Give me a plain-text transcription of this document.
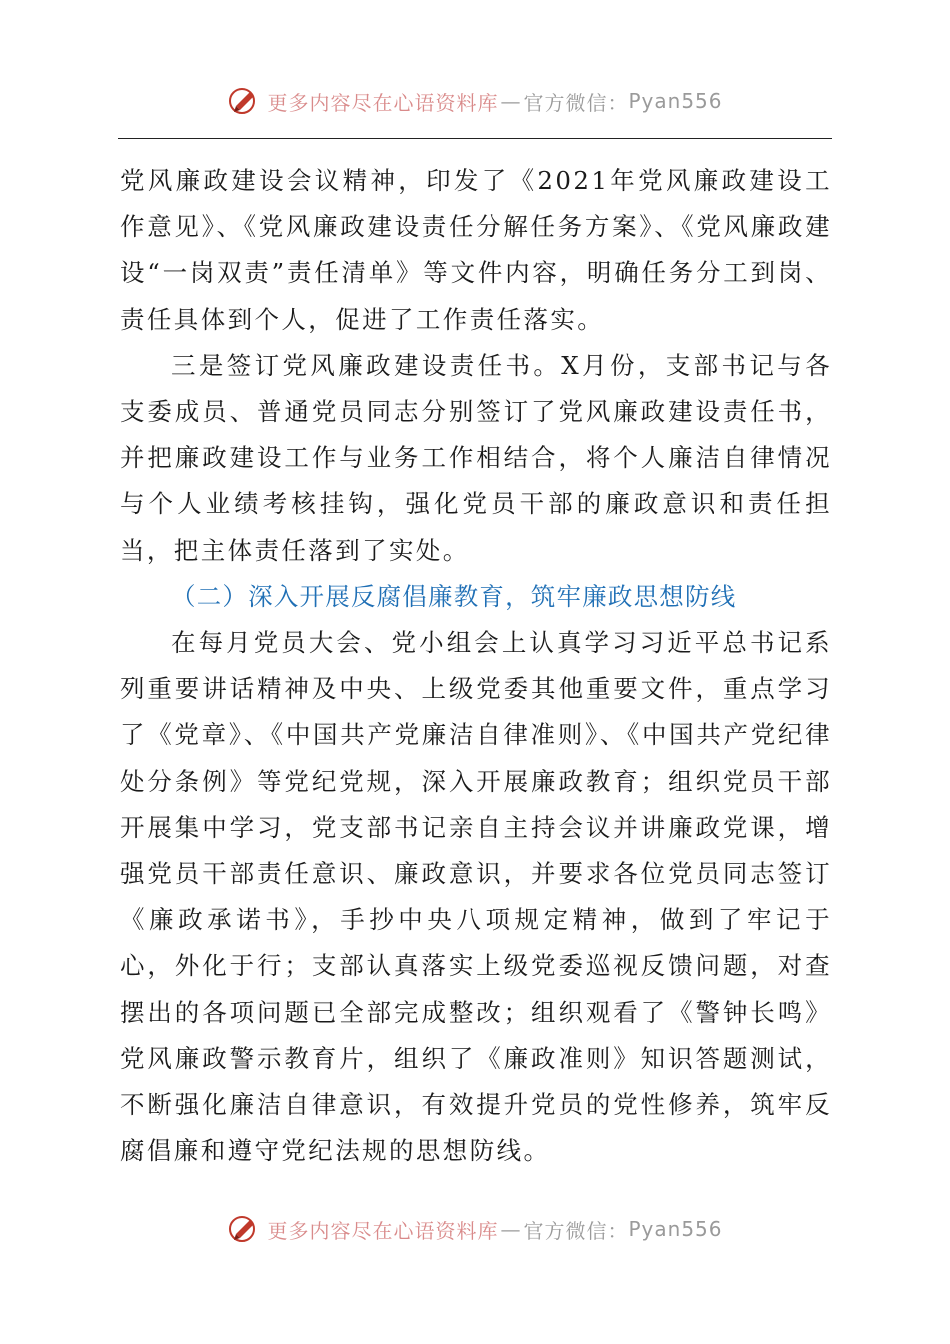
更多内容尽在心语资料库 — 官方微信： Pyan556

党风廉政建设会议精神，印发了《2021年党风廉政建设工作意见》、《党风廉政建设责任分解任务方案》、《党风廉政建设“一岗双责”责任清单》等文件内容，明确任务分工到岗、责任具体到个人，促进了工作责任落实。

三是签订党风廉政建设责任书。X月份，支部书记与各支委成员、普通党员同志分别签订了党风廉政建设责任书，并把廉政建设工作与业务工作相结合，将个人廉洁自律情况与个人业绩考核挂钩，强化党员干部的廉政意识和责任担当，把主体责任落到了实处。

（二）深入开展反腐倡廉教育，筑牢廉政思想防线

在每月党员大会、党小组会上认真学习习近平总书记系列重要讲话精神及中央、上级党委其他重要文件，重点学习了《党章》、《中国共产党廉洁自律准则》、《中国共产党纪律处分条例》等党纪党规，深入开展廉政教育；组织党员干部开展集中学习，党支部书记亲自主持会议并讲廉政党课，增强党员干部责任意识、廉政意识，并要求各位党员同志签订《廉政承诺书》，手抄中央八项规定精神，做到了牢记于心，外化于行；支部认真落实上级党委巡视反馈问题，对查摆出的各项问题已全部完成整改；组织观看了《警钟长鸣》党风廉政警示教育片，组织了《廉政准则》知识答题测试，不断强化廉洁自律意识，有效提升党员的党性修养，筑牢反腐倡廉和遵守党纪法规的思想防线。

更多内容尽在心语资料库 — 官方微信： Pyan556
